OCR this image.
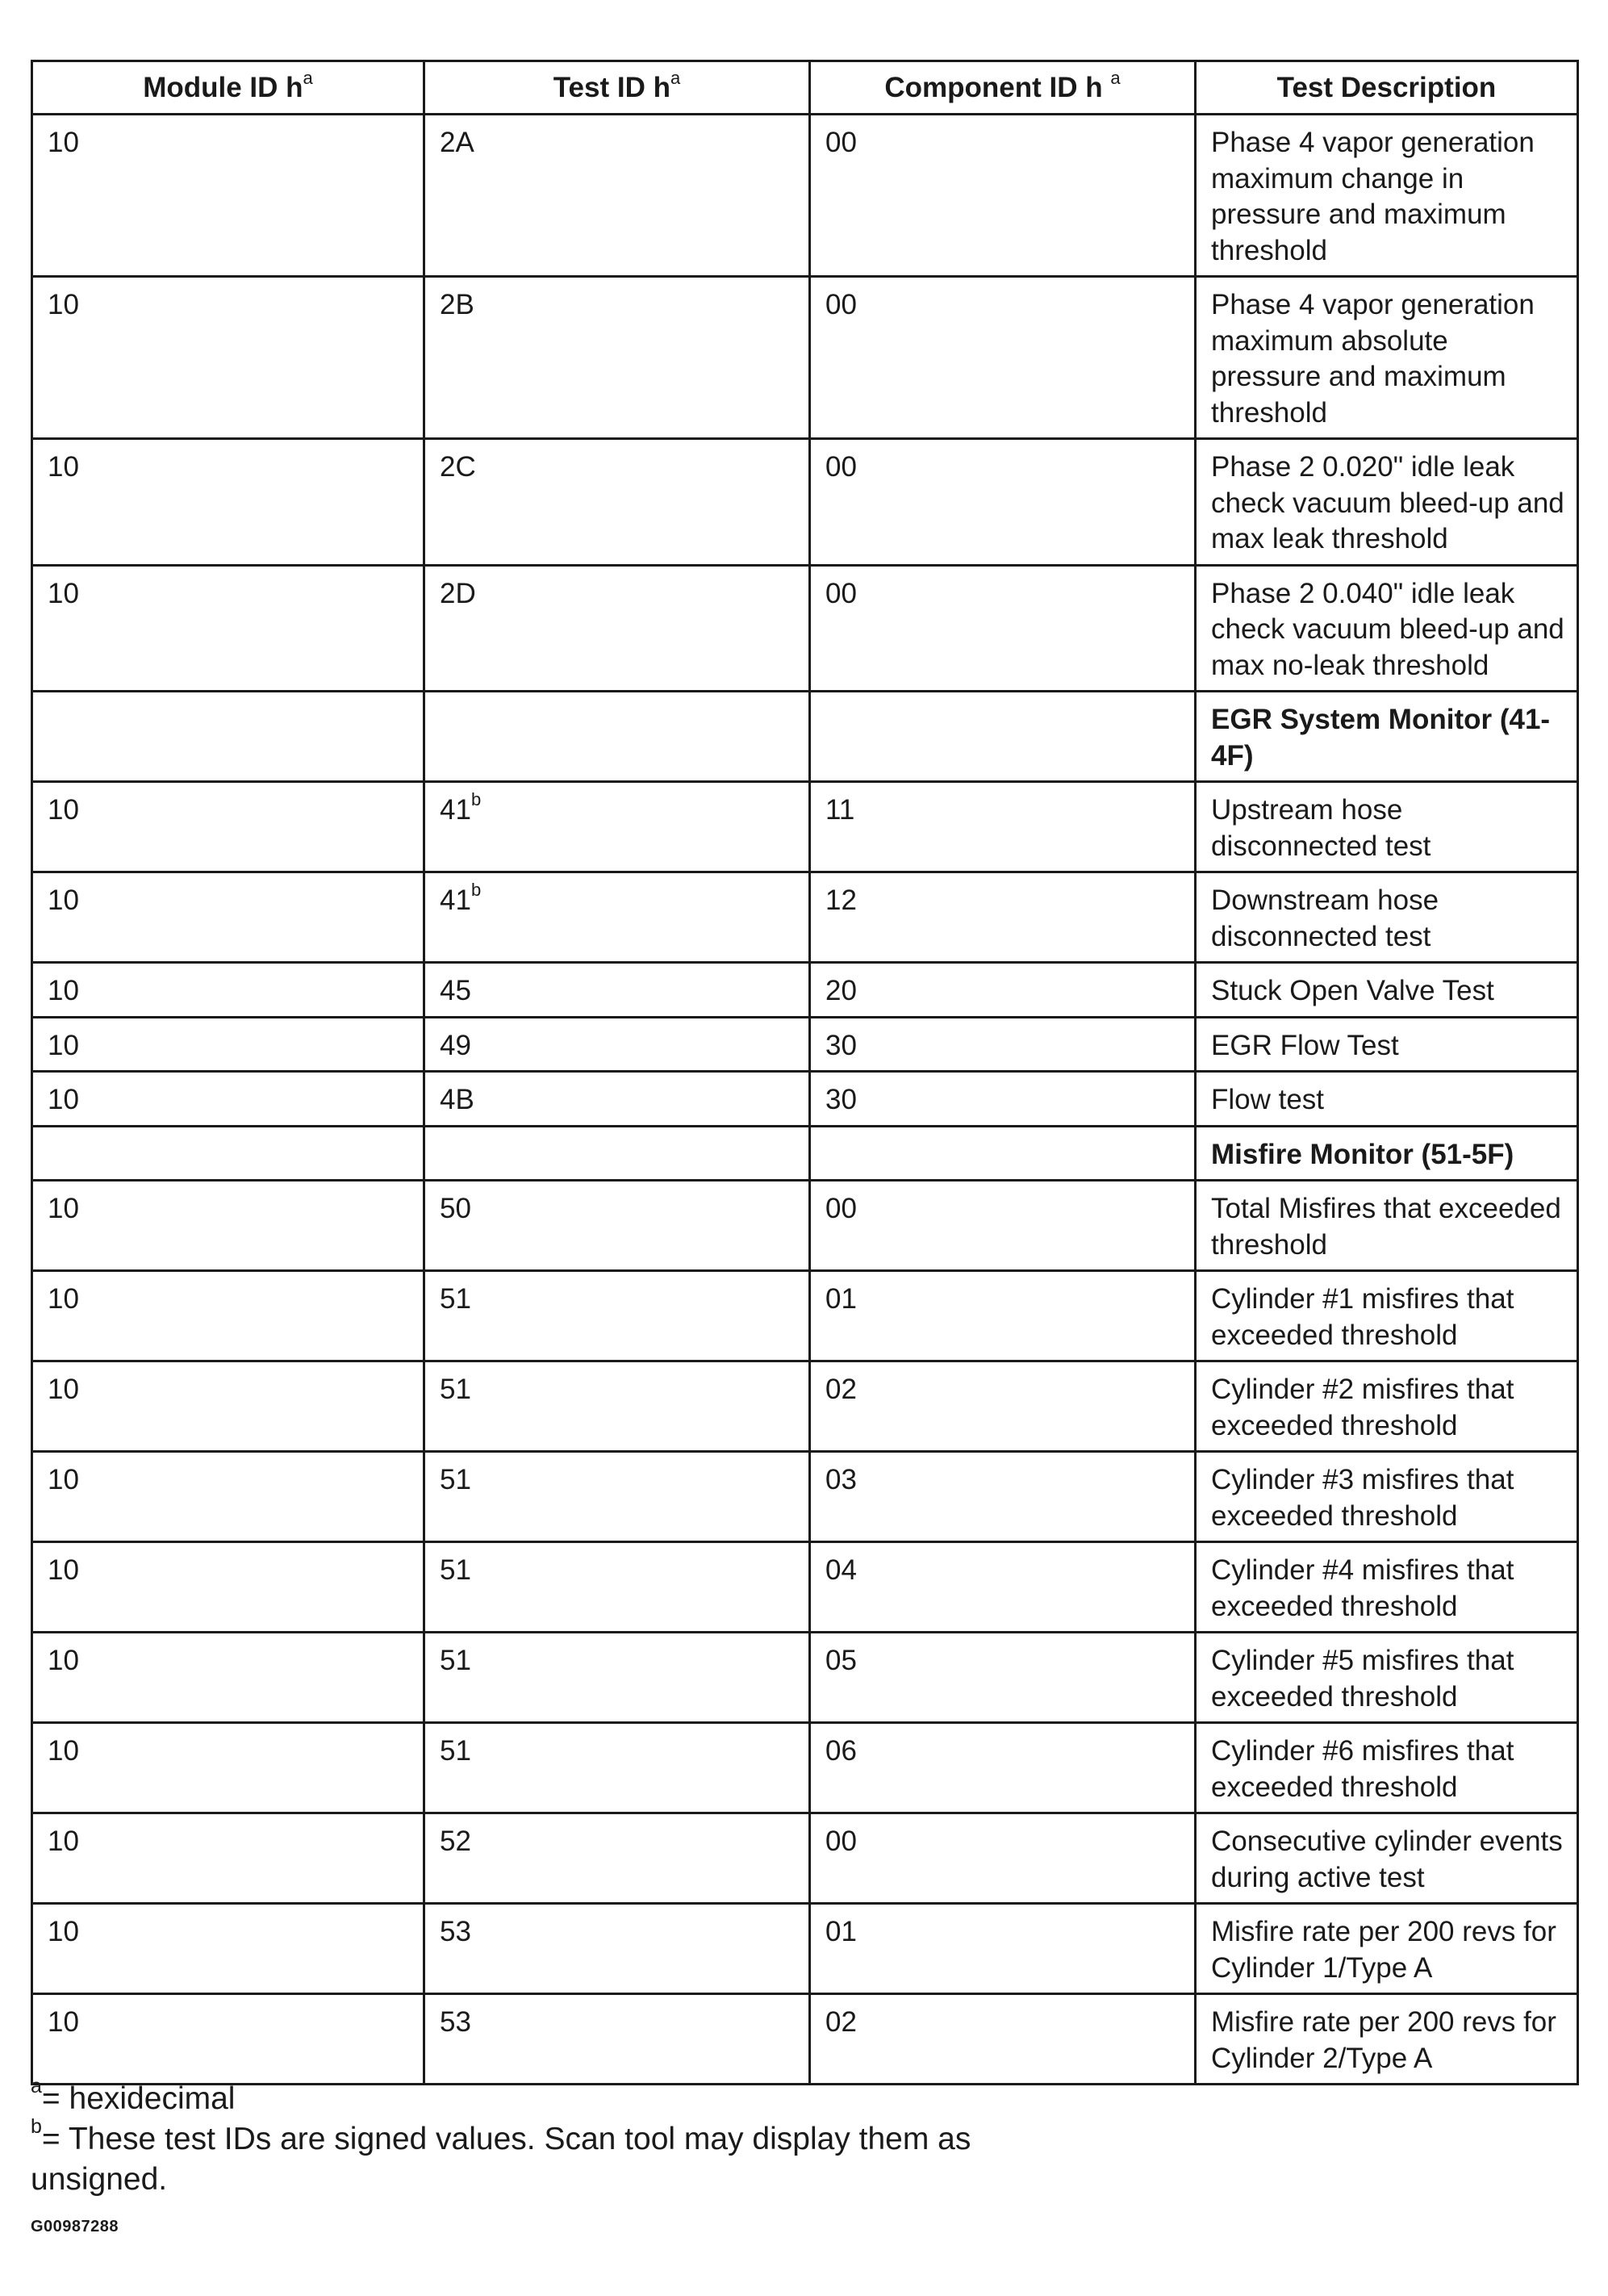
Module ID $h^a$	Test ID $h^a$	Component ID h $^a$	Test Description
10	2A	00	Phase 4 vapor generation maximum change in pressure and maximum threshold
10	2B	00	Phase 4 vapor generation maximum absolute pressure and maximum threshold
10	2C	00	Phase 2 0.020" idle leak check vacuum bleed-up and max leak threshold
10	2D	00	Phase 2 0.040" idle leak check vacuum bleed-up and max no-leak threshold
			EGR System Monitor (41-4F)
10	41$^b$	11	Upstream hose disconnected test
10	41$^b$	12	Downstream hose disconnected test
10	45	20	Stuck Open Valve Test
10	49	30	EGR Flow Test
10	4B	30	Flow test
			Misfire Monitor (51-5F)
10	50	00	Total Misfires that exceeded threshold
10	51	01	Cylinder #1 misfires that exceeded threshold
10	51	02	Cylinder #2 misfires that exceeded threshold
10	51	03	Cylinder #3 misfires that exceeded threshold
10	51	04	Cylinder #4 misfires that exceeded threshold
10	51	05	Cylinder #5 misfires that exceeded threshold
10	51	06	Cylinder #6 misfires that exceeded threshold
10	52	00	Consecutive cylinder events during active test
10	53	01	Misfire rate per 200 revs for Cylinder 1/Type A
10	53	02	Misfire rate per 200 revs for Cylinder 2/Type A
$^a$= hexidecimal
$^b$= These test IDs are signed values. Scan tool may display them as unsigned.
G00987288
